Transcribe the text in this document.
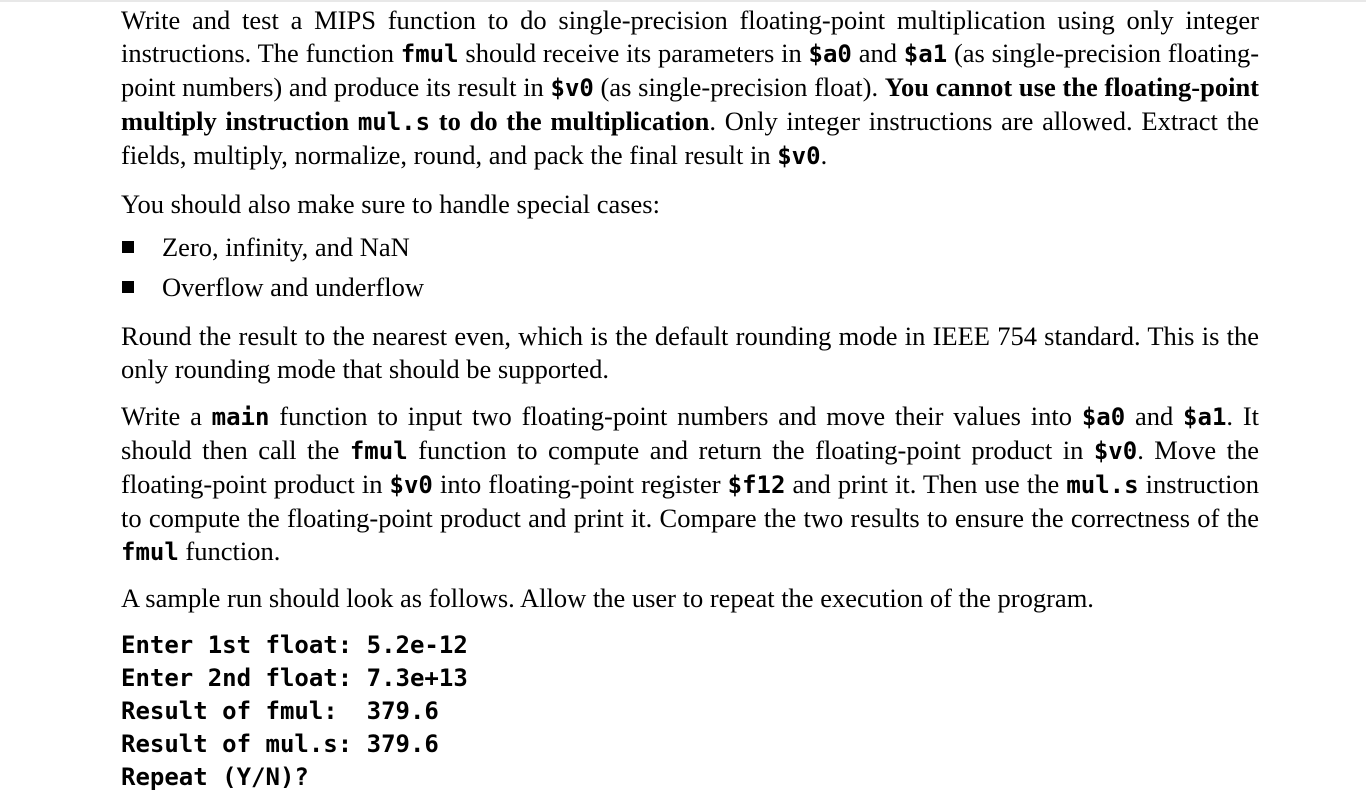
Write and test a MIPS function to do single-precision floating-point multiplication using only integer instructions. The function fmul should receive its parameters in $a0 and $a1 (as single-precision floating-point numbers) and produce its result in $v0 (as single-precision float). You cannot use the floating-point multiply instruction mul.s to do the multiplication. Only integer instructions are allowed. Extract the fields, multiply, normalize, round, and pack the final result in $v0.

You should also make sure to handle special cases:

Zero, infinity, and NaN
Overflow and underflow

Round the result to the nearest even, which is the default rounding mode in IEEE 754 standard. This is the only rounding mode that should be supported.

Write a main function to input two floating-point numbers and move their values into $a0 and $a1. It should then call the fmul function to compute and return the floating-point product in $v0. Move the floating-point product in $v0 into floating-point register $f12 and print it. Then use the mul.s instruction to compute the floating-point product and print it. Compare the two results to ensure the correctness of the fmul function.

A sample run should look as follows. Allow the user to repeat the execution of the program.

Enter 1st float: 5.2e-12
Enter 2nd float: 7.3e+13
Result of fmul:  379.6
Result of mul.s: 379.6
Repeat (Y/N)?
